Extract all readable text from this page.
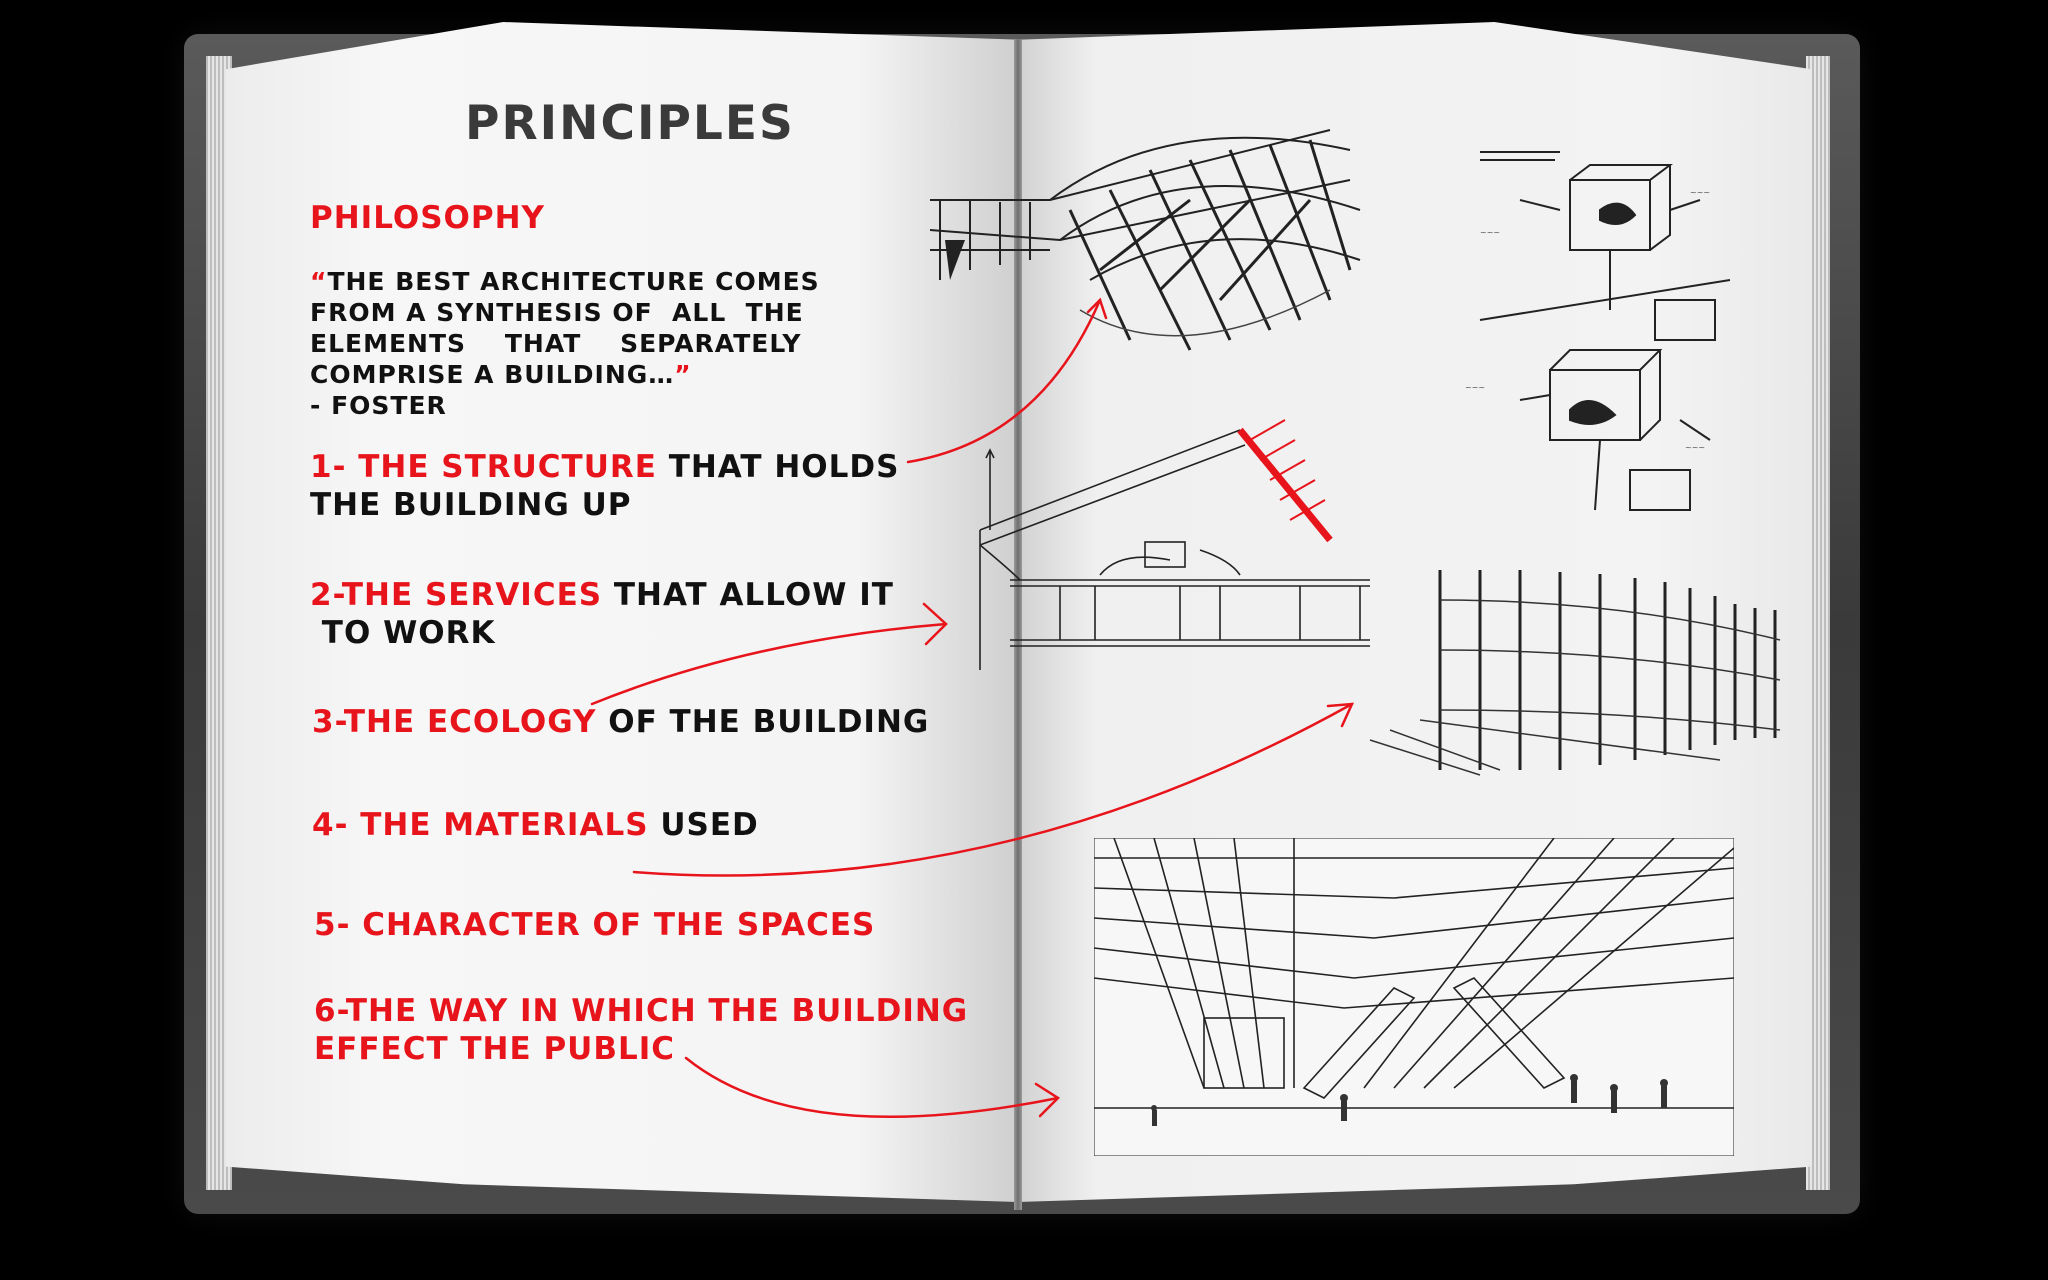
PRINCIPLES
PHILOSOPHY
“THE BEST ARCHITECTURE COMES
FROM A SYNTHESIS OF  ALL  THE
ELEMENTS    THAT    SEPARATELY
COMPRISE A BUILDING…”
- FOSTER
1- THE STRUCTURE THAT HOLDS
THE BUILDING UP
2-THE SERVICES THAT ALLOW IT
TO WORK
3-THE ECOLOGY OF THE BUILDING
4- THE MATERIALS USED
5- CHARACTER OF THE SPACES
6-THE WAY IN WHICH THE BUILDING
EFFECT THE PUBLIC
~~~
~~~
~~~
~~~
